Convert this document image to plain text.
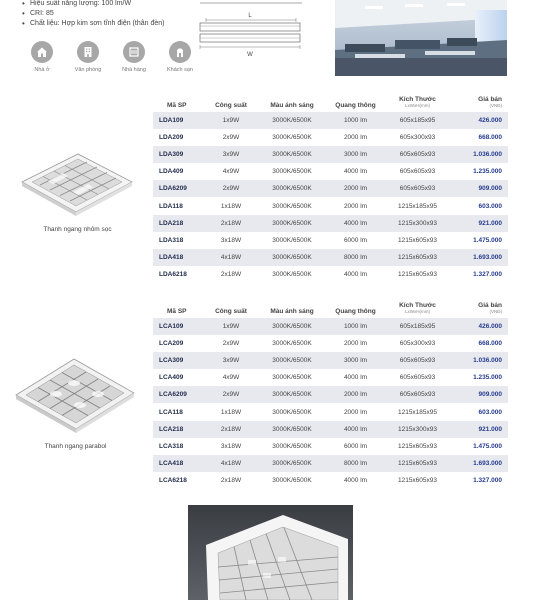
• Hiệu suất năng lượng: 100 lm/W
• CRI: 85
• Chất liệu: Hợp kim sơn tĩnh điện (thân đèn)
Nhà ở	Văn phòng	Nhà hàng	Khách sạn
L
W
Mã SP	Công suất	Màu ánh sáng	Quang thông	Kích Thước
LxWxH(mm)	Giá bán
(VNĐ)

LDA109	1x9W	3000K/6500K	1000 lm	605x185x95	426.000
LDA209	2x9W	3000K/6500K	2000 lm	605x300x93	668.000
LDA309	3x9W	3000K/6500K	3000 lm	605x605x93	1.036.000
LDA409	4x9W	3000K/6500K	4000 lm	605x605x93	1.235.000
LDA6209	2x9W	3000K/6500K	2000 lm	605x605x93	909.000
LDA118	1x18W	3000K/6500K	2000 lm	1215x185x95	603.000
LDA218	2x18W	3000K/6500K	4000 lm	1215x300x93	921.000
LDA318	3x18W	3000K/6500K	6000 lm	1215x605x93	1.475.000
LDA418	4x18W	3000K/6500K	8000 lm	1215x605x93	1.693.000
LDA6218	2x18W	3000K/6500K	4000 lm	1215x605x93	1.327.000
Thanh ngang nhôm sọc
Mã SP	Công suất	Màu ánh sáng	Quang thông	Kích Thước
LxWxH(mm)	Giá bán
(VNĐ)

LCA109	1x9W	3000K/6500K	1000 lm	605x185x95	426.000
LCA209	2x9W	3000K/6500K	2000 lm	605x300x93	668.000
LCA309	3x9W	3000K/6500K	3000 lm	605x605x93	1.036.000
LCA409	4x9W	3000K/6500K	4000 lm	605x605x93	1.235.000
LCA6209	2x9W	3000K/6500K	2000 lm	605x605x93	909.000
LCA118	1x18W	3000K/6500K	2000 lm	1215x185x95	603.000
LCA218	2x18W	3000K/6500K	4000 lm	1215x300x93	921.000
LCA318	3x18W	3000K/6500K	6000 lm	1215x605x93	1.475.000
LCA418	4x18W	3000K/6500K	8000 lm	1215x605x93	1.693.000
LCA6218	2x18W	3000K/6500K	4000 lm	1215x605x93	1.327.000
Thanh ngang parabol
